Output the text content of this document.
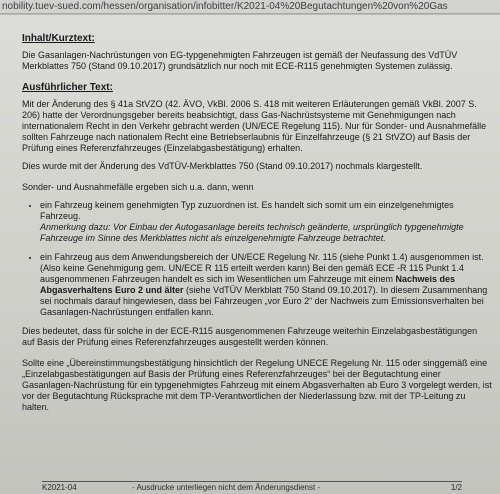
nobility.tuev-sued.com/hessen/organisation/infobitter/K2021-04%20Begutachtungen%20von%20Gas
Inhalt/Kurztext:

Die Gasanlagen-Nachrüstungen von EG-typgenehmigten Fahrzeugen ist gemäß der Neufassung des VdTÜV Merkblattes 750 (Stand 09.10.2017) grundsätzlich nur noch mit ECE-R115 genehmigten Systemen zulässig.

Ausführlicher Text:

Mit der Änderung des § 41a StVZO (42. ÄVO, VkBl. 2006 S. 418 mit weiteren Erläuterungen gemäß VkBl. 2007 S. 206) hatte der Verordnungsgeber bereits beabsichtigt, dass Gas-Nachrüstsysteme mit Genehmigungen nach internationalem Recht in den Verkehr gebracht werden (UN/ECE Regelung 115). Nur für Sonder- und Ausnahmefälle sollten Fahrzeuge nach nationalem Recht eine Betriebserlaubnis für Einzelfahrzeuge (§ 21 StVZO) auf Basis der Prüfung eines Referenzfahrzeuges (Einzelabgasbestätigung) erhalten.

Dies wurde mit der Änderung des VdTÜV-Merkblattes 750 (Stand 09.10.2017) nochmals klargestellt.

Sonder- und Ausnahmefälle ergeben sich u.a. dann, wenn

• ein Fahrzeug keinem genehmigten Typ zuzuordnen ist. Es handelt sich somit um ein einzelgenehmigtes Fahrzeug.
Anmerkung dazu: Vor Einbau der Autogasanlage bereits technisch geänderte, ursprünglich typgenehmigte Fahrzeuge im Sinne des Merkblattes nicht als einzelgenehmigte Fahrzeuge betrachtet.
• ein Fahrzeug aus dem Anwendungsbereich der UN/ECE Regelung Nr. 115 (siehe Punkt 1.4) ausgenommen ist. (Also keine Genehmigung gem. UN/ECE R 115 erteilt werden kann) Bei den gemäß ECE -R 115 Punkt 1.4 ausgenommenen Fahrzeugen handelt es sich im Wesentlichen um Fahrzeuge mit einem Nachweis des Abgasverhaltens Euro 2 und älter (siehe VdTÜV Merkblatt 750 Stand 09.10.2017). In diesem Zusammenhang sei nochmals darauf hingewiesen, dass bei Fahrzeugen „vor Euro 2“ der Nachweis zum Emissionsverhalten bei Gasanlagen-Nachrüstungen entfallen kann.

Dies bedeutet, dass für solche in der ECE-R115 ausgenommenen Fahrzeuge weiterhin Einzelabgasbestätigungen auf Basis der Prüfung eines Referenzfahrzeuges ausgestellt werden können.

Sollte eine „Übereinstimmungsbestätigung hinsichtlich der Regelung UNECE Regelung Nr. 115 oder singgemäß eine „Einzelabgasbestätigungen auf Basis der Prüfung eines Referenzfahrzeuges“ bei der Begutachtung einer Gasanlagen-Nachrüstung für ein typgenehmigtes Fahrzeug mit einem Abgasverhalten ab Euro 3 vorgelegt werden, ist vor der Begutachtung Rücksprache mit dem TP-Verantwortlichen der Niederlassung bzw. mit der TP-Leitung zu halten.

K2021-04	- Ausdrucke unterliegen nicht dem Änderungsdienst -	1/2
